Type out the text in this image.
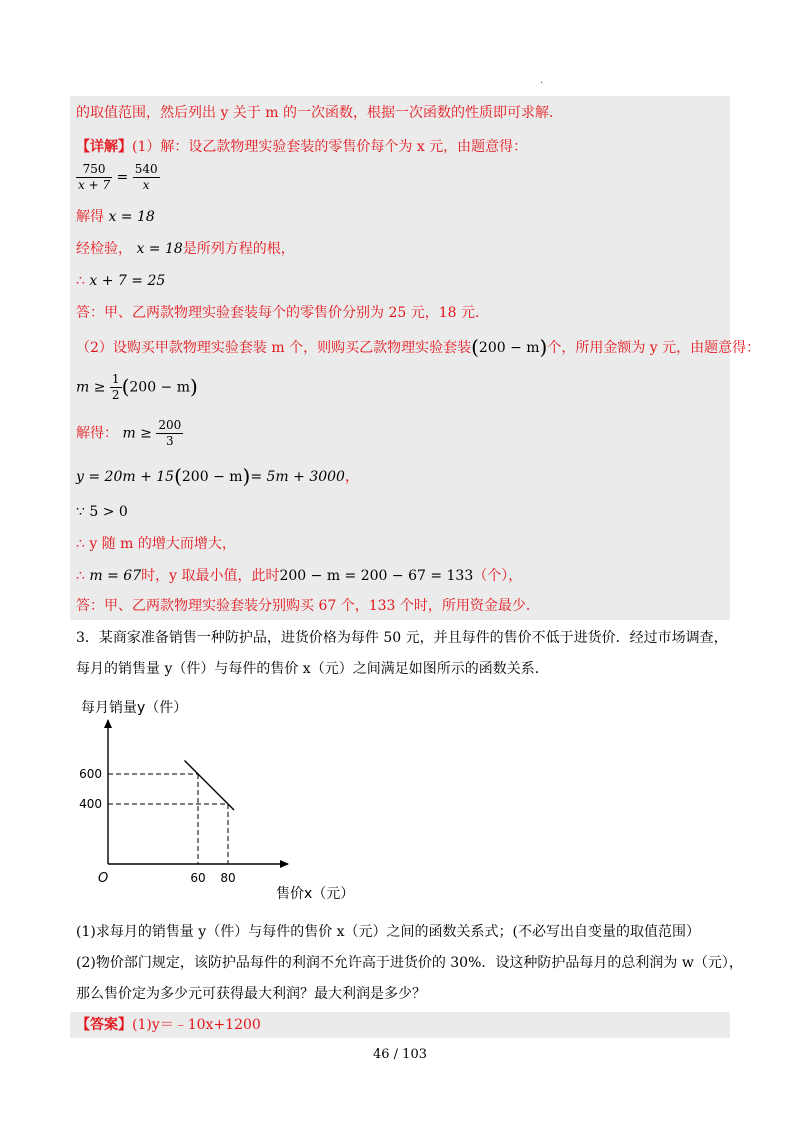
·
的取值范围，然后列出 y 关于 m 的一次函数，根据一次函数的性质即可求解．
【详解】(1）解：设乙款物理实验套装的零售价每个为 x 元，由题意得：
$\frac{750}{x + 7} = \frac{540}{x}$
解得 x = 18
经检验， x = 18是所列方程的根，
∴ x + 7 = 25
答：甲、乙两款物理实验套装每个的零售价分别为 25 元，18 元．
（2）设购买甲款物理实验套装 m 个，则购买乙款物理实验套装(200 − m)个，所用金额为 y 元，由题意得：
$m \ge \frac{1}{2} (200 - m)$
解得： $m \ge \frac{200}{3}$
y = 20m + 15(200 − m)= 5m + 3000，
∵ 5 > 0
∴ y 随 m 的增大而增大，
∴ m = 67时，y 取最小值，此时200 − m = 200 − 67 = 133（个），
答：甲、乙两款物理实验套装分别购买 67 个，133 个时，所用资金最少．
3．某商家准备销售一种防护品，进货价格为每件 50 元，并且每件的售价不低于进货价．经过市场调查，
每月的销售量 y（件）与每件的售价 x（元）之间满足如图所示的函数关系．
每月销量y（件）
600
400
60 80
O
售价x（元）
(1)求每月的销售量 y（件）与每件的售价 x（元）之间的函数关系式；(不必写出自变量的取值范围）
(2)物价部门规定，该防护品每件的利润不允许高于进货价的 30%．设这种防护品每月的总利润为 w（元），
那么售价定为多少元可获得最大利润？最大利润是多少？
【答案】(1)y＝﹣10x+1200
46 / 103
